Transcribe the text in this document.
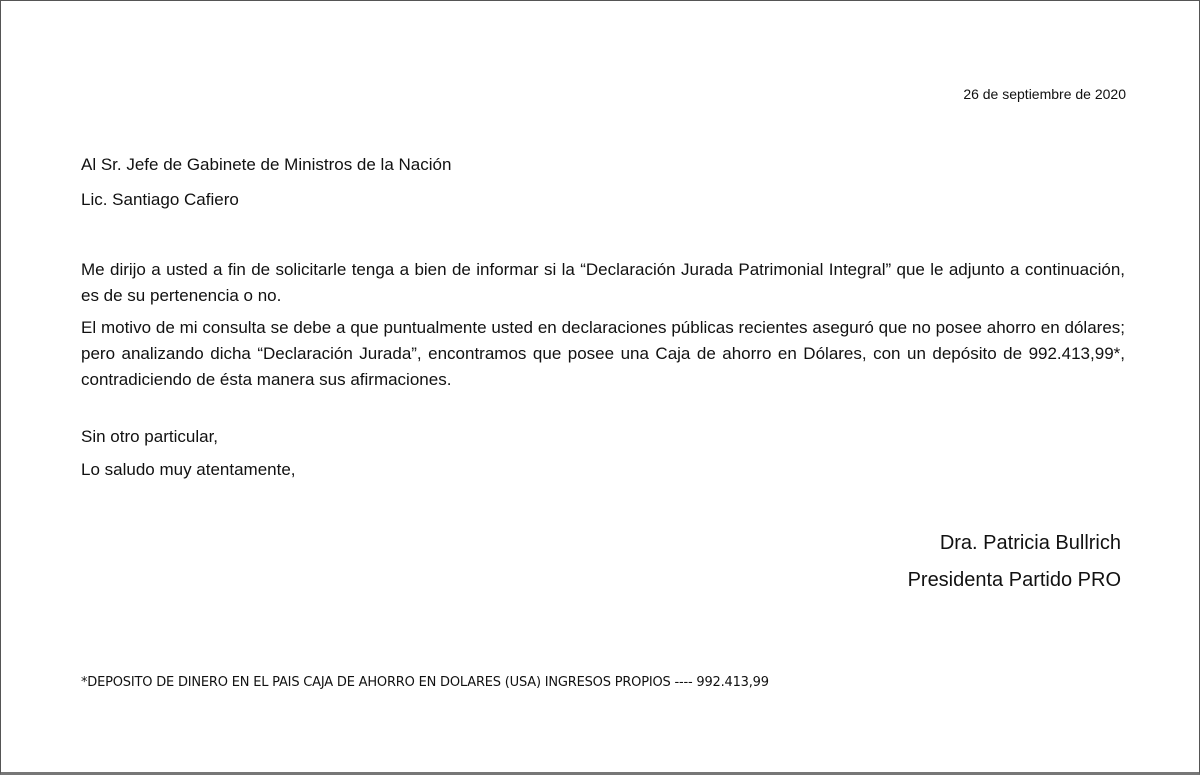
26 de septiembre de 2020
Al Sr. Jefe de Gabinete de Ministros de la Nación
Lic. Santiago Cafiero
Me dirijo a usted a fin de solicitarle tenga a bien de informar si la “Declaración Jurada Patrimonial Integral” que le adjunto a continuación, es de su pertenencia o no.
El motivo de mi consulta se debe a que puntualmente usted en declaraciones públicas recientes aseguró que no posee ahorro en dólares; pero analizando dicha “Declaración Jurada”, encontramos que posee una Caja de ahorro en Dólares, con un depósito de 992.413,99*, contradiciendo de ésta manera sus afirmaciones.
Sin otro particular,
Lo saludo muy atentamente,
Dra. Patricia Bullrich
Presidenta Partido PRO
*DEPOSITO DE DINERO EN EL PAIS CAJA DE AHORRO EN DOLARES (USA) INGRESOS PROPIOS ---- 992.413,99
